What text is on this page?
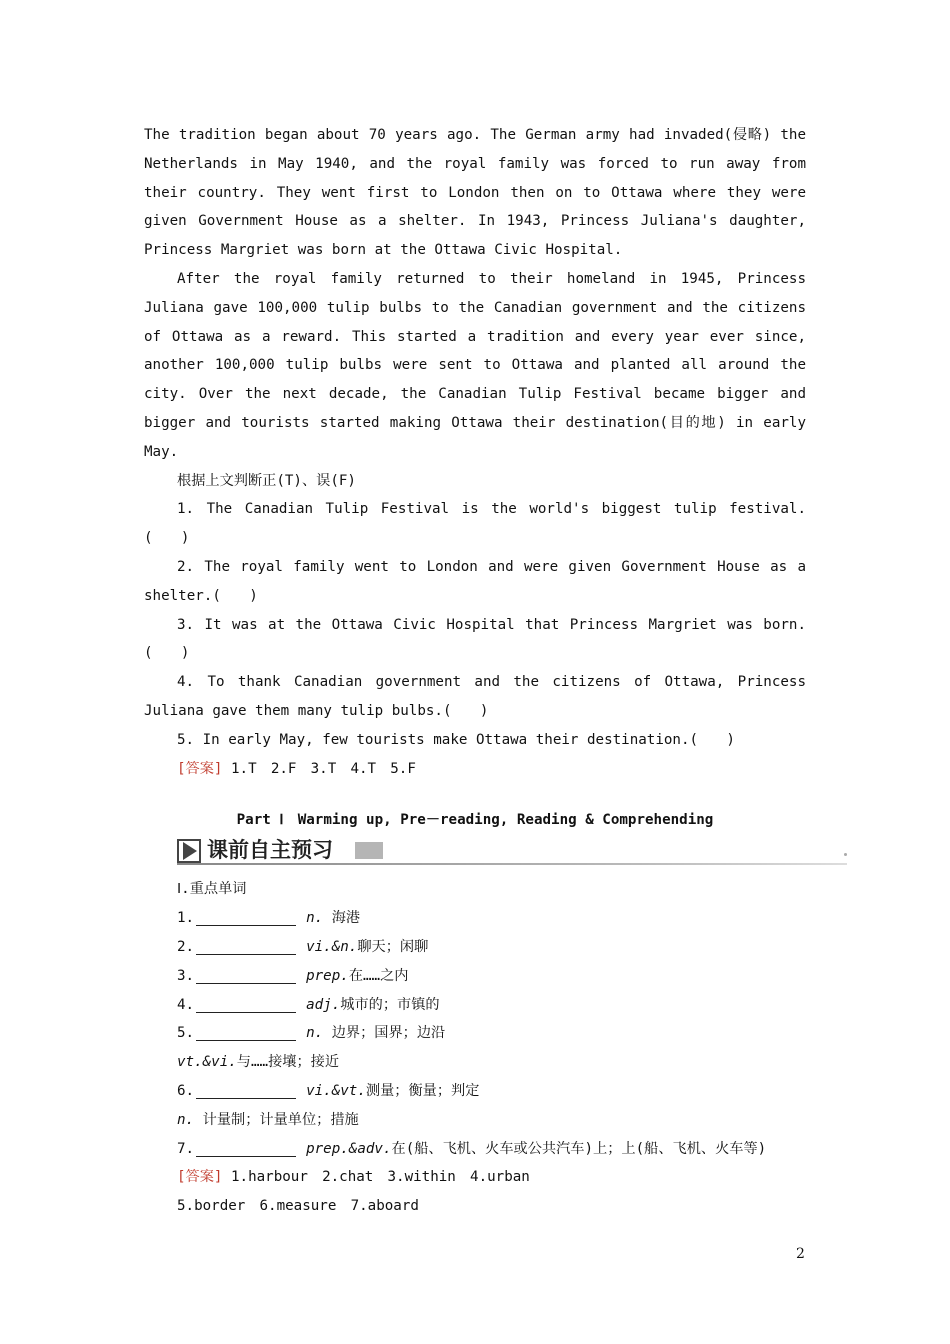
The tradition began about 70 years ago. The German army had invaded(侵略) the Netherlands in May 1940, and the royal family was forced to run away from their country. They went first to London then on to Ottawa where they were given Government House as a shelter. In 1943, Princess Juliana's daughter, Princess Margriet was born at the Ottawa Civic Hospital.

After the royal family returned to their homeland in 1945, Princess Juliana gave 100,000 tulip bulbs to the Canadian government and the citizens of Ottawa as a reward. This started a tradition and every year ever since, another 100,000 tulip bulbs were sent to Ottawa and planted all around the city. Over the next decade, the Canadian Tulip Festival became bigger and bigger and tourists started making Ottawa their destination(目的地) in early May.

根据上文判断正(T)、误(F)

1. The Canadian Tulip Festival is the world's biggest tulip festival.(　　)

2. The royal family went to London and were given Government House as a shelter.(　　)

3. It was at the Ottawa Civic Hospital that Princess Margriet was born.(　　)

4. To thank Canadian government and the citizens of Ottawa, Princess Juliana gave them many tulip bulbs.(　　)

5. In early May, few tourists make Ottawa their destination.(　　)

[答案] 1.T　2.F　3.T　4.T　5.F

Part Ⅰ　Warming up, Pre－reading, Reading & Comprehending

课前自主预习

Ⅰ.重点单词

1.	n. 海港

2.	vi.&n.聊天；闲聊

3.	prep.在……之内

4.	adj.城市的；市镇的

5.	n. 边界；国界；边沿

vt.&vi.与……接壤；接近

6.	vi.&vt.测量；衡量；判定

n. 计量制；计量单位；措施

7.	prep.&adv.在(船、飞机、火车或公共汽车)上；上(船、飞机、火车等)

[答案] 1.harbour　2.chat　3.within　4.urban

5.border　6.measure　7.aboard

2
